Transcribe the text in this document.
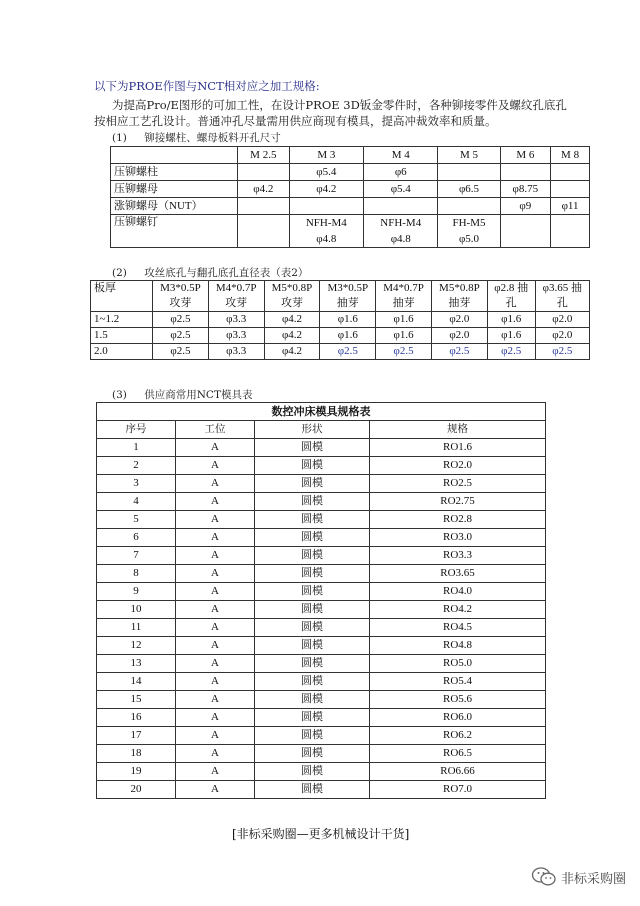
以下为PROE作图与NCT相对应之加工规格:
为提高Pro/E图形的可加工性，在设计PROE 3D钣金零件时，各种铆接零件及螺纹孔底孔
按相应工艺孔设计。普通冲孔尽量需用供应商现有模具，提高冲裁效率和质量。
(1) 铆接螺柱、螺母板料开孔尺寸
	M 2.5	M 3	M 4	M 5	M 6	M 8
压铆螺柱		φ5.4	φ6			
压铆螺母	φ4.2	φ4.2	φ5.4	φ6.5	φ8.75	
涨铆螺母（NUT）					φ9	φ11
压铆螺钉		NFH-M4	NFH-M4	FH-M5		
		φ4.8	φ4.8	φ5.0		
(2) 攻丝底孔与翻孔底孔直径表（表2）
板厚	M3*0.5P	M4*0.7P	M5*0.8P	M3*0.5P	M4*0.7P	M5*0.8P	φ2.8 抽	φ3.65 抽
	攻芽	攻芽	攻芽	抽芽	抽芽	抽芽	孔	孔
1~1.2	φ2.5	φ3.3	φ4.2	φ1.6	φ1.6	φ2.0	φ1.6	φ2.0
1.5	φ2.5	φ3.3	φ4.2	φ1.6	φ1.6	φ2.0	φ1.6	φ2.0
2.0	φ2.5	φ3.3	φ4.2	φ2.5	φ2.5	φ2.5	φ2.5	φ2.5
(3) 供应商常用NCT模具表
数控冲床模具规格表			
序号	工位	形状	规格
1	A	圆模	RO1.6
2	A	圆模	RO2.0
3	A	圆模	RO2.5
4	A	圆模	RO2.75
5	A	圆模	RO2.8
6	A	圆模	RO3.0
7	A	圆模	RO3.3
8	A	圆模	RO3.65
9	A	圆模	RO4.0
10	A	圆模	RO4.2
11	A	圆模	RO4.5
12	A	圆模	RO4.8
13	A	圆模	RO5.0
14	A	圆模	RO5.4
15	A	圆模	RO5.6
16	A	圆模	RO6.0
17	A	圆模	RO6.2
18	A	圆模	RO6.5
19	A	圆模	RO6.66
20	A	圆模	RO7.0
[非标采购圈—更多机械设计干货]
非标采购圈
